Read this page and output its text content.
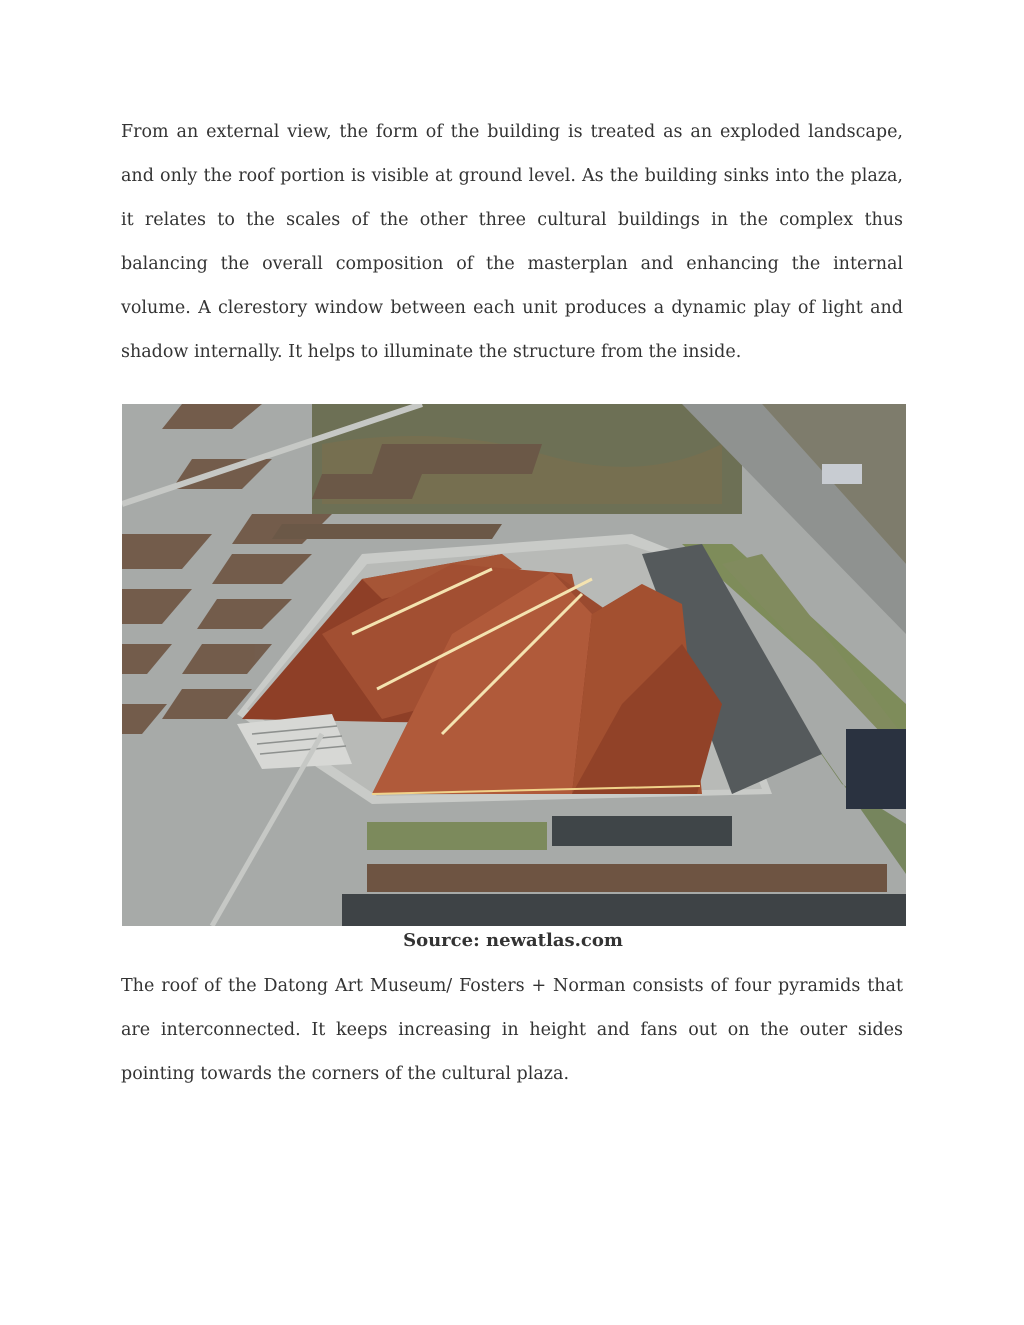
From an external view, the form of the building is treated as an exploded landscape, and only the roof portion is visible at ground level. As the building sinks into the plaza, it relates to the scales of the other three cultural buildings in the complex thus balancing the overall composition of the masterplan and enhancing the internal volume. A clerestory window between each unit produces a dynamic play of light and shadow internally. It helps to illuminate the structure from the inside.

Source: newatlas.com

The roof of the Datong Art Museum/ Fosters + Norman consists of four pyramids that are interconnected. It keeps increasing in height and fans out on the outer sides pointing towards the corners of the cultural plaza.
